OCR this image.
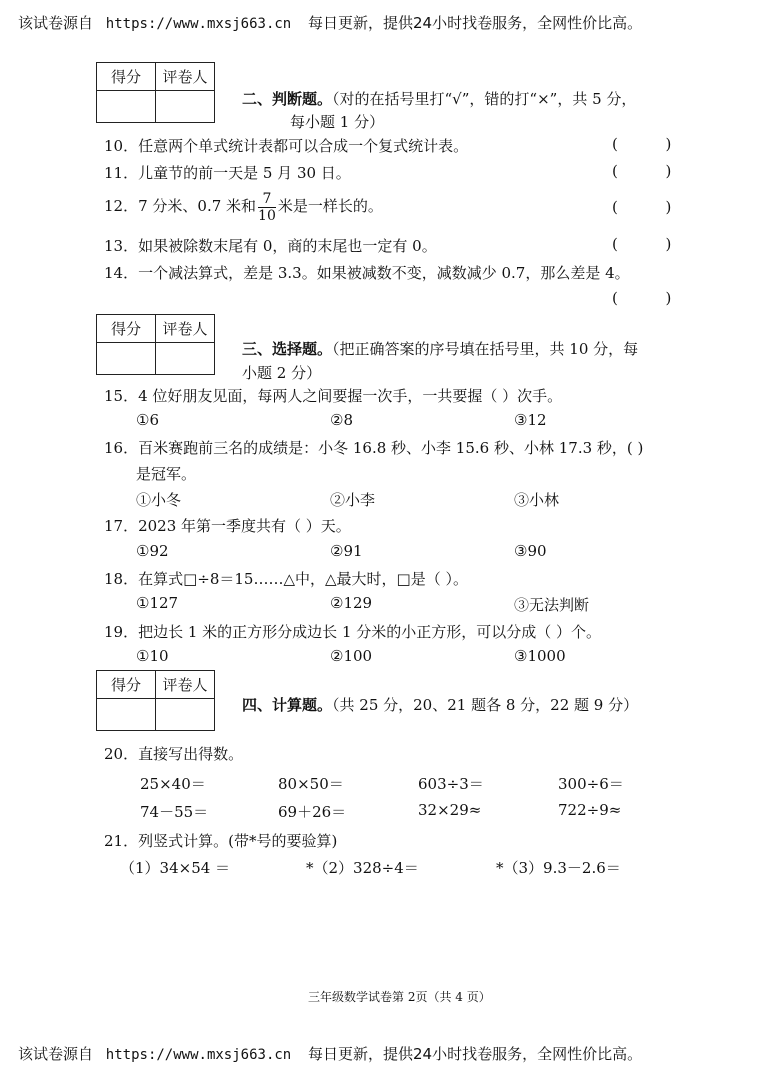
该试卷源自 https://www.mxsj663.cn 每日更新，提供24小时找卷服务，全网性价比高。
得分	评卷人

二、判断题。（对的在括号里打“√”，错的打“×”，共 5 分，
每小题 1 分）
10．任意两个单式统计表都可以合成一个复式统计表。	(          )
11．儿童节的前一天是 5 月 30 日。	(          )
12．7 分米、0.7 米和 $\frac{7}{10}$ 米是一样长的。	(          )
13．如果被除数末尾有 0，商的末尾也一定有 0。	(          )
14．一个减法算式，差是 3.3。如果被减数不变，减数减少 0.7，那么差是 4。
(          )
得分	评卷人

三、选择题。（把正确答案的序号填在括号里，共 10 分，每
小题 2 分）
15．4 位好朋友见面，每两人之间要握一次手，一共要握（ ）次手。
①6	②8	③12
16．百米赛跑前三名的成绩是：小冬 16.8 秒、小李 15.6 秒、小林 17.3 秒，( )
是冠军。
①小冬	②小李	③小林
17．2023 年第一季度共有（ ）天。
①92	②91	③90
18．在算式□÷8＝15……△中，△最大时，□是（ ）。
①127	②129	③无法判断
19．把边长 1 米的正方形分成边长 1 分米的小正方形，可以分成（ ）个。
①10	②100	③1000
得分	评卷人

四、计算题。（共 25 分，20、21 题各 8 分，22 题 9 分）
20．直接写出得数。
25×40＝	80×50＝	603÷3＝	300÷6＝
74－55＝	69＋26＝	32×29≈	722÷9≈
21．列竖式计算。(带*号的要验算)
（1）34×54 ＝	*（2）328÷4＝	*（3）9.3－2.6＝
三年级数学试卷第 2页（共 4 页）
该试卷源自 https://www.mxsj663.cn 每日更新，提供24小时找卷服务，全网性价比高。
